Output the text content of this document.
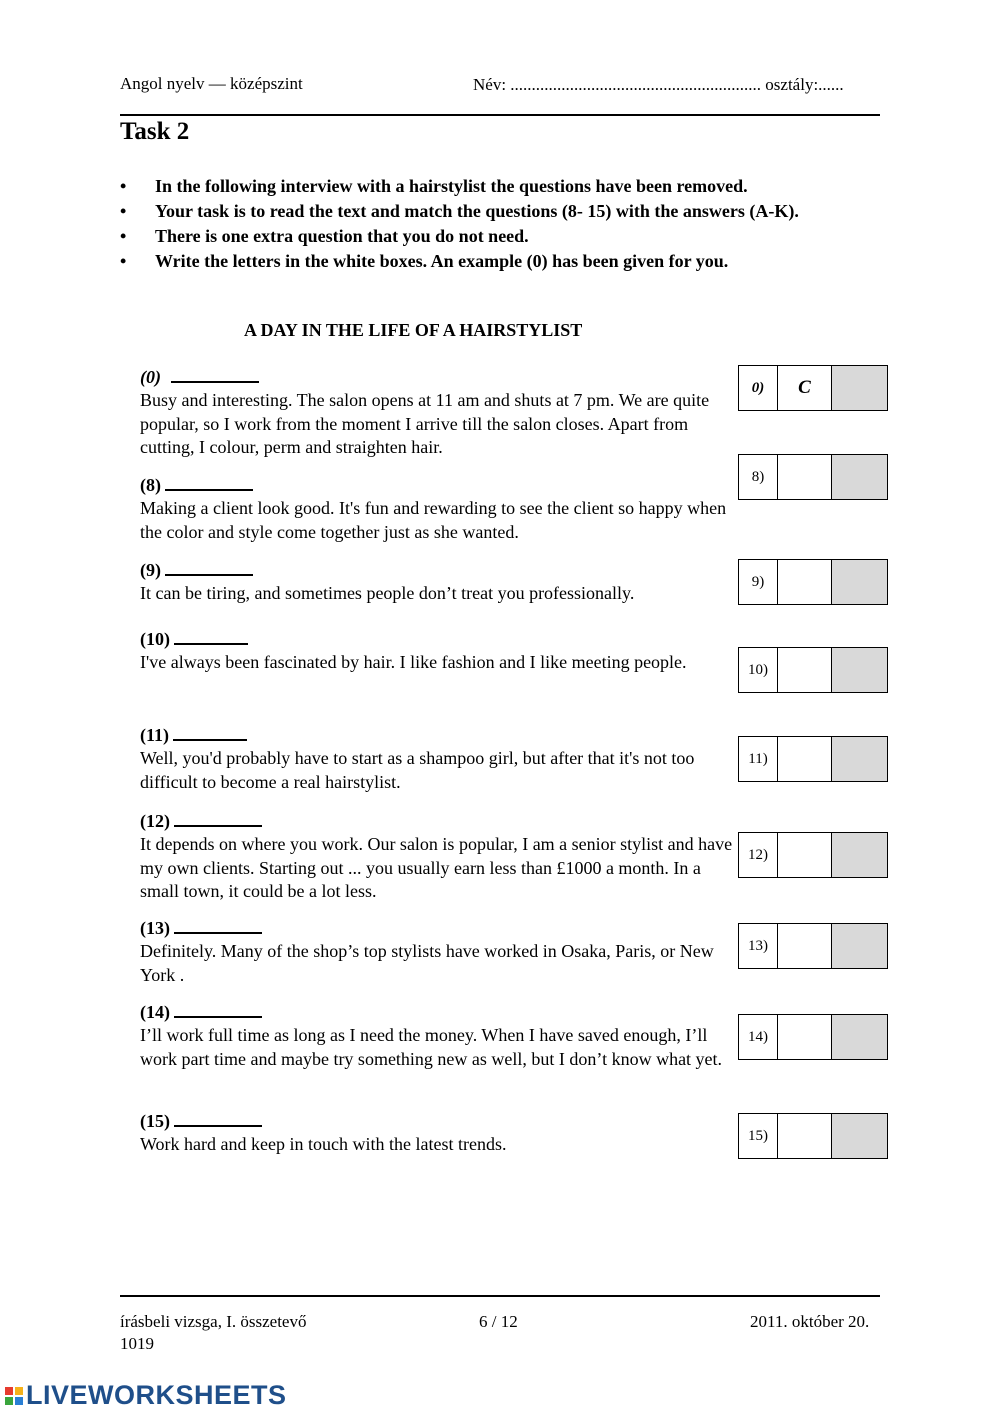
Angol nyelv — középszint	Név: ........................................................... osztály:......
Task 2
• In the following interview with a hairstylist the questions have been removed.
• Your task is to read the text and match the questions (8- 15) with the answers (A-K).
• There is one extra question that you do not need.
• Write the letters in the white boxes. An example (0) has been given for you.
A DAY IN THE LIFE OF A HAIRSTYLIST
(0)
Busy and interesting. The salon opens at 11 am and shuts at 7 pm. We are quite popular, so I work from the moment I arrive till the salon closes. Apart from cutting, I colour, perm and straighten hair.
(8)
Making a client look good. It's fun and rewarding to see the client so happy when the color and style come together just as she wanted.
(9)
It can be tiring, and sometimes people don’t treat you professionally.
(10)
I've always been fascinated by hair. I like fashion and I like meeting people.
(11)
Well, you'd probably have to start as a shampoo girl, but after that it's not too difficult to become a real hairstylist.
(12)
It depends on where you work. Our salon is popular, I am a senior stylist and have my own clients. Starting out ... you usually earn less than £1000 a month. In a small town, it could be a lot less.
(13)
Definitely. Many of the shop’s top stylists have worked in Osaka, Paris, or New York .
(14)
I’ll work full time as long as I need the money. When I have saved enough, I’ll work part time and maybe try something new as well, but I don’t know what yet.
(15)
Work hard and keep in touch with the latest trends.
0)	C
8)
9)
10)
11)
12)
13)
14)
15)
írásbeli vizsga, I. összetevő
1019
6 / 12	2011. október 20.
LIVEWORKSHEETS
